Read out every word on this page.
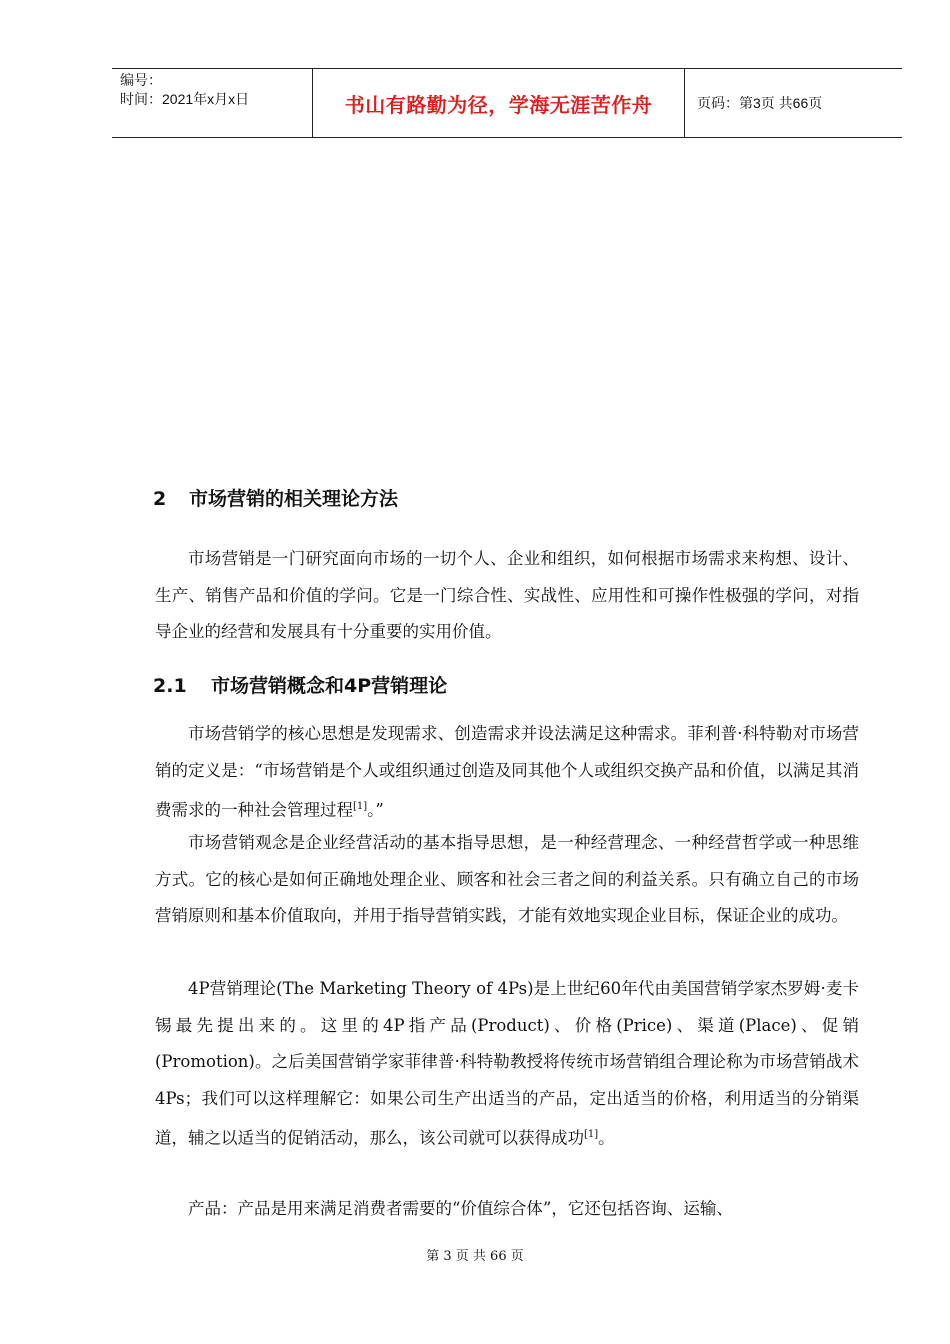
编号：
时间：2021年x月x日	书山有路勤为径，学海无涯苦作舟	页码：第3页 共66页
2 市场营销的相关理论方法

市场营销是一门研究面向市场的一切个人、企业和组织，如何根据市场需求来构想、设计、生产、销售产品和价值的学问。它是一门综合性、实战性、应用性和可操作性极强的学问，对指导企业的经营和发展具有十分重要的实用价值。

2.1 市场营销概念和4P营销理论

市场营销学的核心思想是发现需求、创造需求并设法满足这种需求。菲利普·科特勒对市场营销的定义是：“市场营销是个人或组织通过创造及同其他个人或组织交换产品和价值，以满足其消费需求的一种社会管理过程[1]。”

市场营销观念是企业经营活动的基本指导思想，是一种经营理念、一种经营哲学或一种思维方式。它的核心是如何正确地处理企业、顾客和社会三者之间的利益关系。只有确立自己的市场营销原则和基本价值取向，并用于指导营销实践，才能有效地实现企业目标，保证企业的成功。

4P营销理论(The Marketing Theory of 4Ps)是上世纪60年代由美国营销学家杰罗姆·麦卡锡最先提出来的。这里的4P指产品(Product)、价格(Price)、渠道(Place)、促销(Promotion)。之后美国营销学家菲律普·科特勒教授将传统市场营销组合理论称为市场营销战术4Ps；我们可以这样理解它：如果公司生产出适当的产品，定出适当的价格，利用适当的分销渠道，辅之以适当的促销活动，那么，该公司就可以获得成功[1]。

产品：产品是用来满足消费者需要的“价值综合体”，它还包括咨询、运输、

第 3 页 共 66 页
